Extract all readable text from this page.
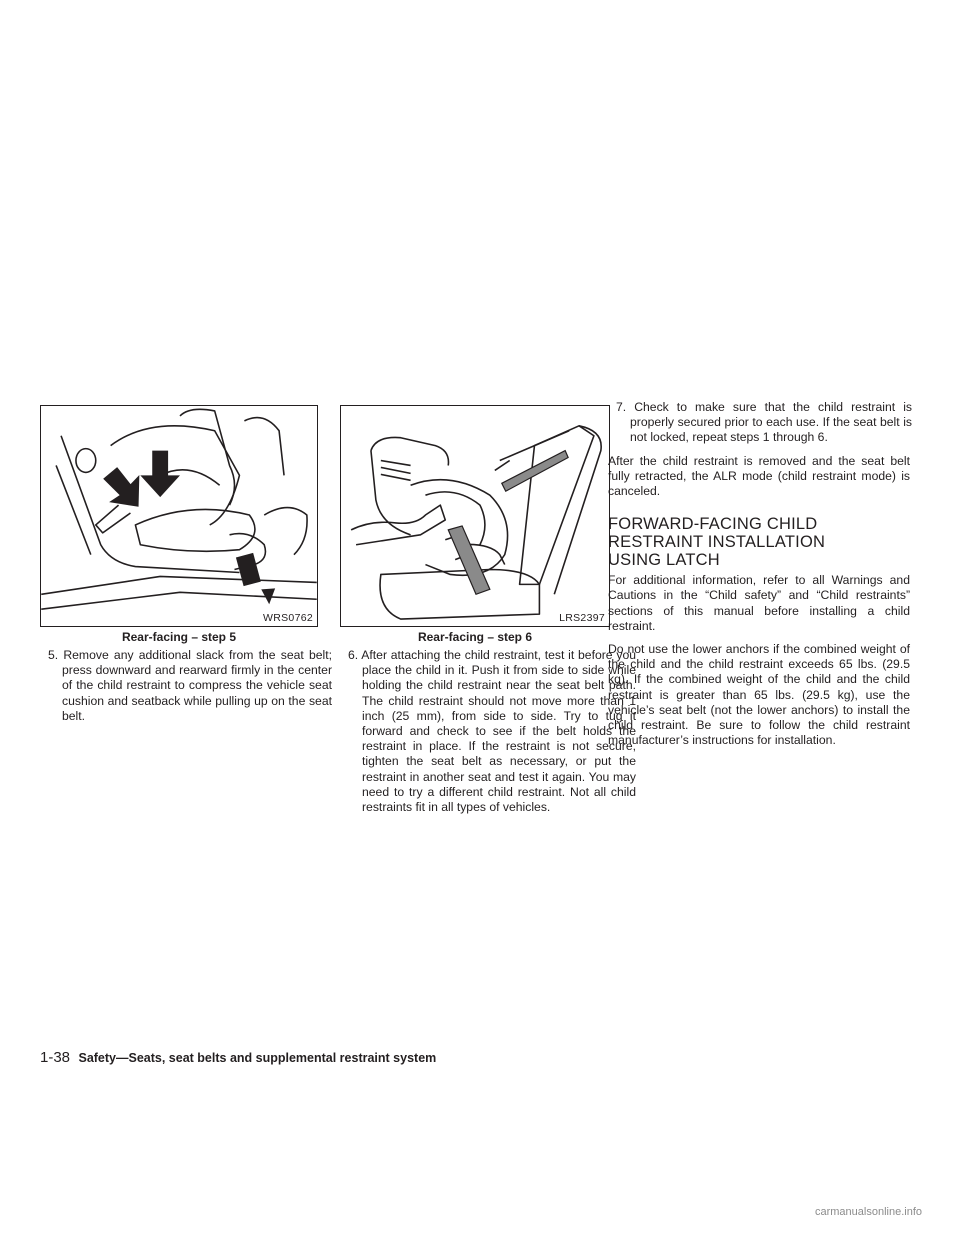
WRS0762
Rear-facing – step 5

5. Remove any additional slack from the seat belt; press downward and rearward firmly in the center of the child restraint to compress the vehicle seat cushion and seatback while pulling up on the seat belt.

LRS2397
Rear-facing – step 6

6. After attaching the child restraint, test it before you place the child in it. Push it from side to side while holding the child restraint near the seat belt path. The child restraint should not move more than 1 inch (25 mm), from side to side. Try to tug it forward and check to see if the belt holds the restraint in place. If the restraint is not secure, tighten the seat belt as necessary, or put the restraint in another seat and test it again. You may need to try a different child restraint. Not all child restraints fit in all types of vehicles.

7. Check to make sure that the child restraint is properly secured prior to each use. If the seat belt is not locked, repeat steps 1 through 6.

After the child restraint is removed and the seat belt fully retracted, the ALR mode (child restraint mode) is canceled.

FORWARD-FACING CHILD
RESTRAINT INSTALLATION
USING LATCH

For additional information, refer to all Warnings and Cautions in the “Child safety” and “Child restraints” sections of this manual before installing a child restraint.

Do not use the lower anchors if the combined weight of the child and the child restraint exceeds 65 lbs. (29.5 kg). If the combined weight of the child and the child restraint is greater than 65 lbs. (29.5 kg), use the vehicle’s seat belt (not the lower anchors) to install the child restraint. Be sure to follow the child restraint manufacturer’s instructions for installation.

1-38 Safety—Seats, seat belts and supplemental restraint system
carmanualsonline.info
